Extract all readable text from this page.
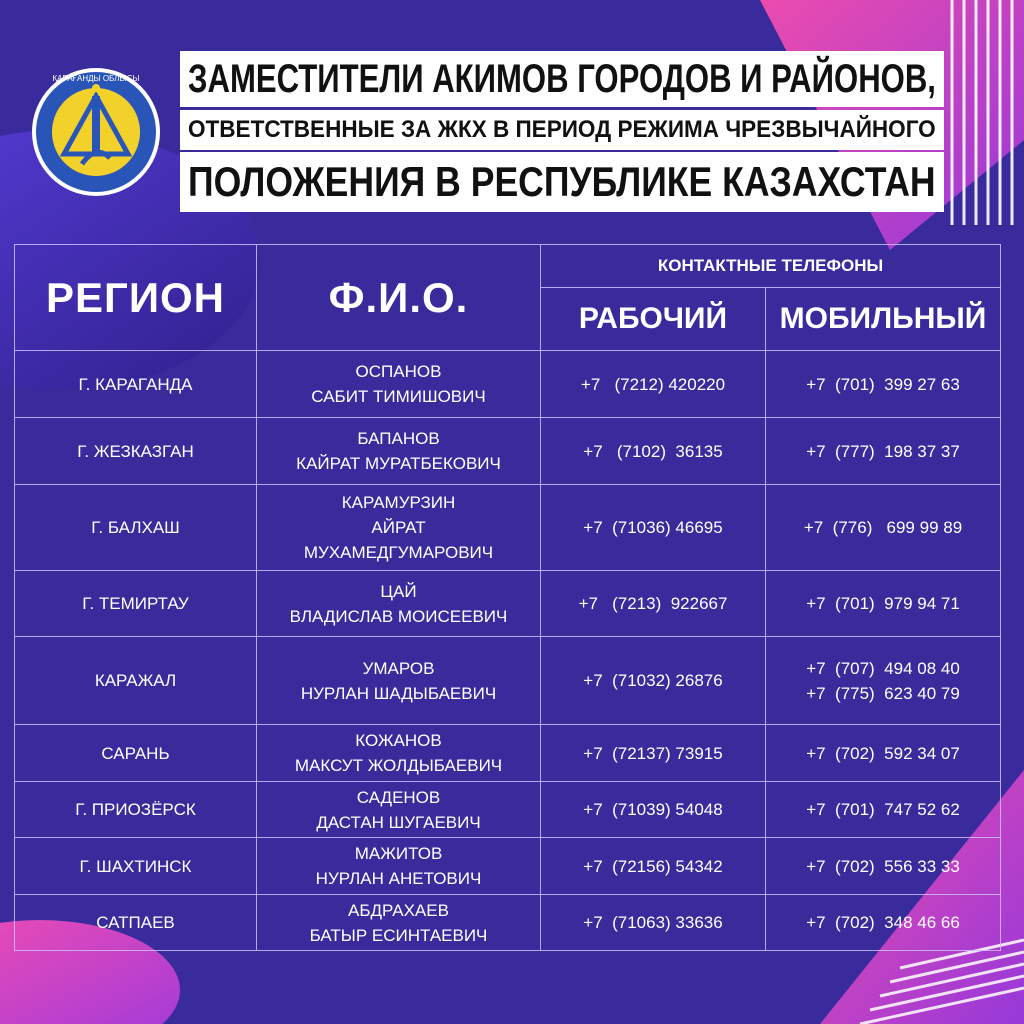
ҚАРАҒАНДЫ ОБЛЫСЫ ЗАМЕСТИТЕЛИ АКИМОВ ГОРОДОВ И РАЙОНОВ,
ОТВЕТСТВЕННЫЕ ЗА ЖКХ В ПЕРИОД РЕЖИМА ЧРЕЗВЫЧАЙНОГО
ПОЛОЖЕНИЯ В РЕСПУБЛИКЕ КАЗАХСТАН
РЕГИОН	Ф.И.О.	КОНТАКТНЫЕ ТЕЛЕФОНЫ	
		РАБОЧИЙ	МОБИЛЬНЫЙ
Г. КАРАГАНДА	ОСПАНОВ
САБИТ ТИМИШОВИЧ	+7   (7212) 420220	+7  (701)  399 27 63

Г. ЖЕЗКАЗГАН	БАПАНОВ
КАЙРАТ МУРАТБЕКОВИЧ	+7   (7102)  36135	+7  (777)  198 37 37

Г. БАЛХАШ	КАРАМУРЗИН
АЙРАТ
МУХАМЕДГУМАРОВИЧ	+7  (71036) 46695	+7  (776)   699 99 89

Г. ТЕМИРТАУ	ЦАЙ
ВЛАДИСЛАВ МОИСЕЕВИЧ	+7   (7213)  922667	+7  (701)  979 94 71

КАРАЖАЛ	УМАРОВ
НУРЛАН ШАДЫБАЕВИЧ	+7  (71032) 26876	+7  (707)  494 08 40
+7  (775)  623 40 79

САРАНЬ	КОЖАНОВ
МАКСУТ ЖОЛДЫБАЕВИЧ	+7  (72137) 73915	+7  (702)  592 34 07

Г. ПРИОЗЁРСК	САДЕНОВ
ДАСТАН ШУГАЕВИЧ	+7  (71039) 54048	+7  (701)  747 52 62

Г. ШАХТИНСК	МАЖИТОВ
НУРЛАН АНЕТОВИЧ	+7  (72156) 54342	+7  (702)  556 33 33

САТПАЕВ	АБДРАХАЕВ
БАТЫР ЕСИНТАЕВИЧ	+7  (71063) 33636	+7  (702)  348 46 66
